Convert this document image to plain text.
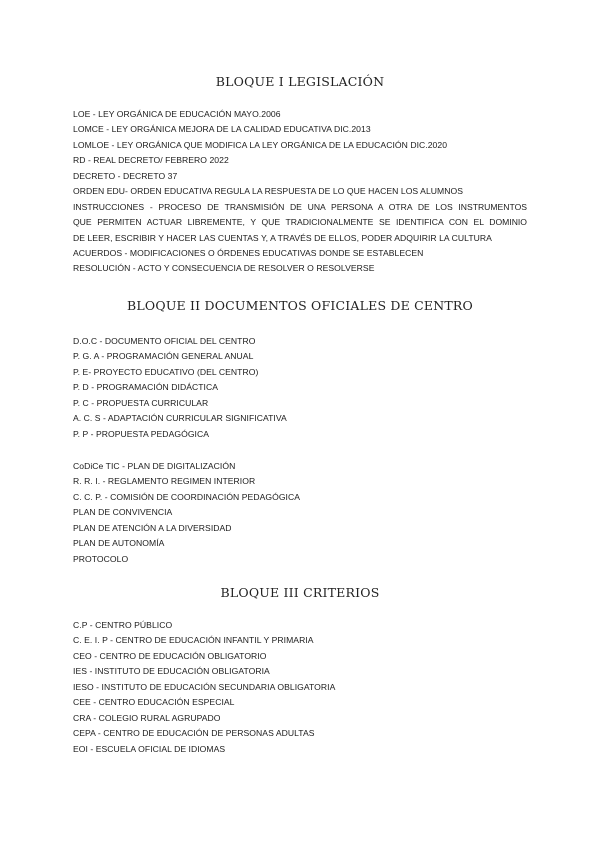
BLOQUE I LEGISLACIÓN
LOE - LEY ORGÁNICA DE EDUCACIÓN MAYO.2006
LOMCE - LEY ORGÁNICA MEJORA DE LA CALIDAD EDUCATIVA DIC.2013
LOMLOE - LEY ORGÁNICA QUE MODIFICA LA LEY ORGÁNICA DE LA EDUCACIÓN DIC.2020
RD - REAL DECRETO/ FEBRERO 2022
DECRETO - DECRETO 37
ORDEN EDU- ORDEN EDUCATIVA REGULA LA RESPUESTA DE LO QUE HACEN LOS ALUMNOS
INSTRUCCIONES - PROCESO DE TRANSMISIÓN DE UNA PERSONA A OTRA DE LOS INSTRUMENTOS
QUE PERMITEN ACTUAR LIBREMENTE, Y QUE TRADICIONALMENTE SE IDENTIFICA CON EL DOMINIO
DE LEER, ESCRIBIR Y HACER LAS CUENTAS Y, A TRAVÉS DE ELLOS, PODER ADQUIRIR LA CULTURA
ACUERDOS - MODIFICACIONES O ÓRDENES EDUCATIVAS DONDE SE ESTABLECEN
RESOLUCIÓN - ACTO Y CONSECUENCIA DE RESOLVER O RESOLVERSE
BLOQUE II DOCUMENTOS OFICIALES DE CENTRO
D.O.C - DOCUMENTO OFICIAL DEL CENTRO
P. G. A - PROGRAMACIÓN GENERAL ANUAL
P. E- PROYECTO EDUCATIVO (DEL CENTRO)
P. D - PROGRAMACIÓN DIDÁCTICA
P. C - PROPUESTA CURRICULAR
A. C. S - ADAPTACIÓN CURRICULAR SIGNIFICATIVA
P. P - PROPUESTA PEDAGÓGICA
CoDiCe TIC - PLAN DE DIGITALIZACIÓN
R. R. I. - REGLAMENTO REGIMEN INTERIOR
C. C. P. - COMISIÓN DE COORDINACIÓN PEDAGÓGICA
PLAN DE CONVIVENCIA
PLAN DE ATENCIÓN A LA DIVERSIDAD
PLAN DE AUTONOMÍA
PROTOCOLO
BLOQUE III CRITERIOS
C.P - CENTRO PÚBLICO
C. E. I. P - CENTRO DE EDUCACIÓN INFANTIL Y PRIMARIA
CEO - CENTRO DE EDUCACIÓN OBLIGATORIO
IES - INSTITUTO DE EDUCACIÓN OBLIGATORIA
IESO - INSTITUTO DE EDUCACIÓN SECUNDARIA OBLIGATORIA
CEE - CENTRO EDUCACIÓN ESPECIAL
CRA - COLEGIO RURAL AGRUPADO
CEPA - CENTRO DE EDUCACIÓN DE PERSONAS ADULTAS
EOI - ESCUELA OFICIAL DE IDIOMAS
